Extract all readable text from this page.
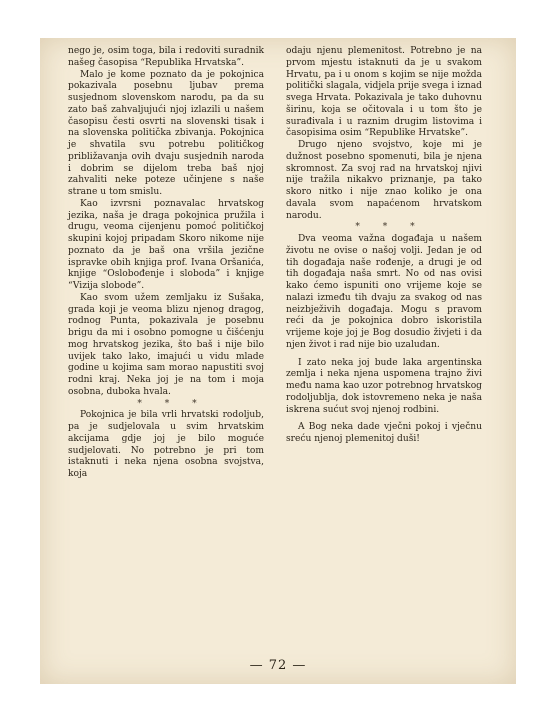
nego je, osim toga, bila i redoviti suradnik našeg časopisa “Republika Hrvatska”.

Malo je kome poznato da je pokojnica pokazivala posebnu ljubav prema susjednom slovenskom narodu, pa da su zato baš zahvaljujući njoj izlazili u našem časopisu česti osvrti na slovenski tisak i na slovenska politička zbivanja. Pokojnica je shvatila svu potrebu političkog približavanja ovih dvaju susjednih naroda i dobrim se dijelom treba baš njoj zahvaliti neke poteze učinjene s naše strane u tom smislu.

Kao izvrsni poznavalac hrvatskog jezika, naša je draga pokojnica pružila i drugu, veoma cijenjenu pomoć političkoj skupini kojoj pripadam Skoro nikome nije poznato da je baš ona vršila jezične ispravke obih knjiga prof. Ivana Oršanića, knjige “Oslobođenje i sloboda” i knjige “Vizija slobode”.

Kao svom užem zemljaku iz Sušaka, grada koji je veoma blizu njenog dragog, rodnog Punta, pokazivala je posebnu brigu da mi i osobno pomogne u čišćenju mog hrvatskog jezika, što baš i nije bilo uvijek tako lako, imajući u vidu mlade godine u kojima sam morao napustiti svoj rodni kraj. Neka joj je na tom i moja osobna, duboka hvala.

* * *

Pokojnica je bila vrli hrvatski rodoljub, pa je sudjelovala u svim hrvatskim akcijama gdje joj je bilo moguće sudjelovati. No potrebno je pri tom istaknuti i neka njena osobna svojstva, koja

odaju njenu plemenitost. Potrebno je na prvom mjestu istaknuti da je u svakom Hrvatu, pa i u onom s kojim se nije možda politički slagala, vidjela prije svega i iznad svega Hrvata. Pokazivala je tako duhovnu širinu, koja se očitovala i u tom što je surađivala i u raznim drugim listovima i časopisima osim “Republike Hrvatske”.

Drugo njeno svojstvo, koje mi je dužnost posebno spomenuti, bila je njena skromnost. Za svoj rad na hrvatskoj njivi nije tražila nikakvo priznanje, pa tako skoro nitko i nije znao koliko je ona davala svom napaćenom hrvatskom narodu.

* * *

Dva veoma važna događaja u našem životu ne ovise o našoj volji. Jedan je od tih događaja naše rođenje, a drugi je od tih događaja naša smrt. No od nas ovisi kako ćemo ispuniti ono vrijeme koje se nalazi između tih dvaju za svakog od nas neizbježivih događaja. Mogu s pravom reći da je pokojnica dobro iskoristila vrijeme koje joj je Bog dosudio živjeti i da njen život i rad nije bio uzaludan.

I zato neka joj bude laka argentinska zemlja i neka njena uspomena trajno živi među nama kao uzor potrebnog hrvatskog rodoljublja, dok istovremeno neka je naša iskrena sućut svoj njenoj rodbini.

A Bog neka dade vječni pokoj i vječnu sreću njenoj plemenitoj duši!

— 72 —
